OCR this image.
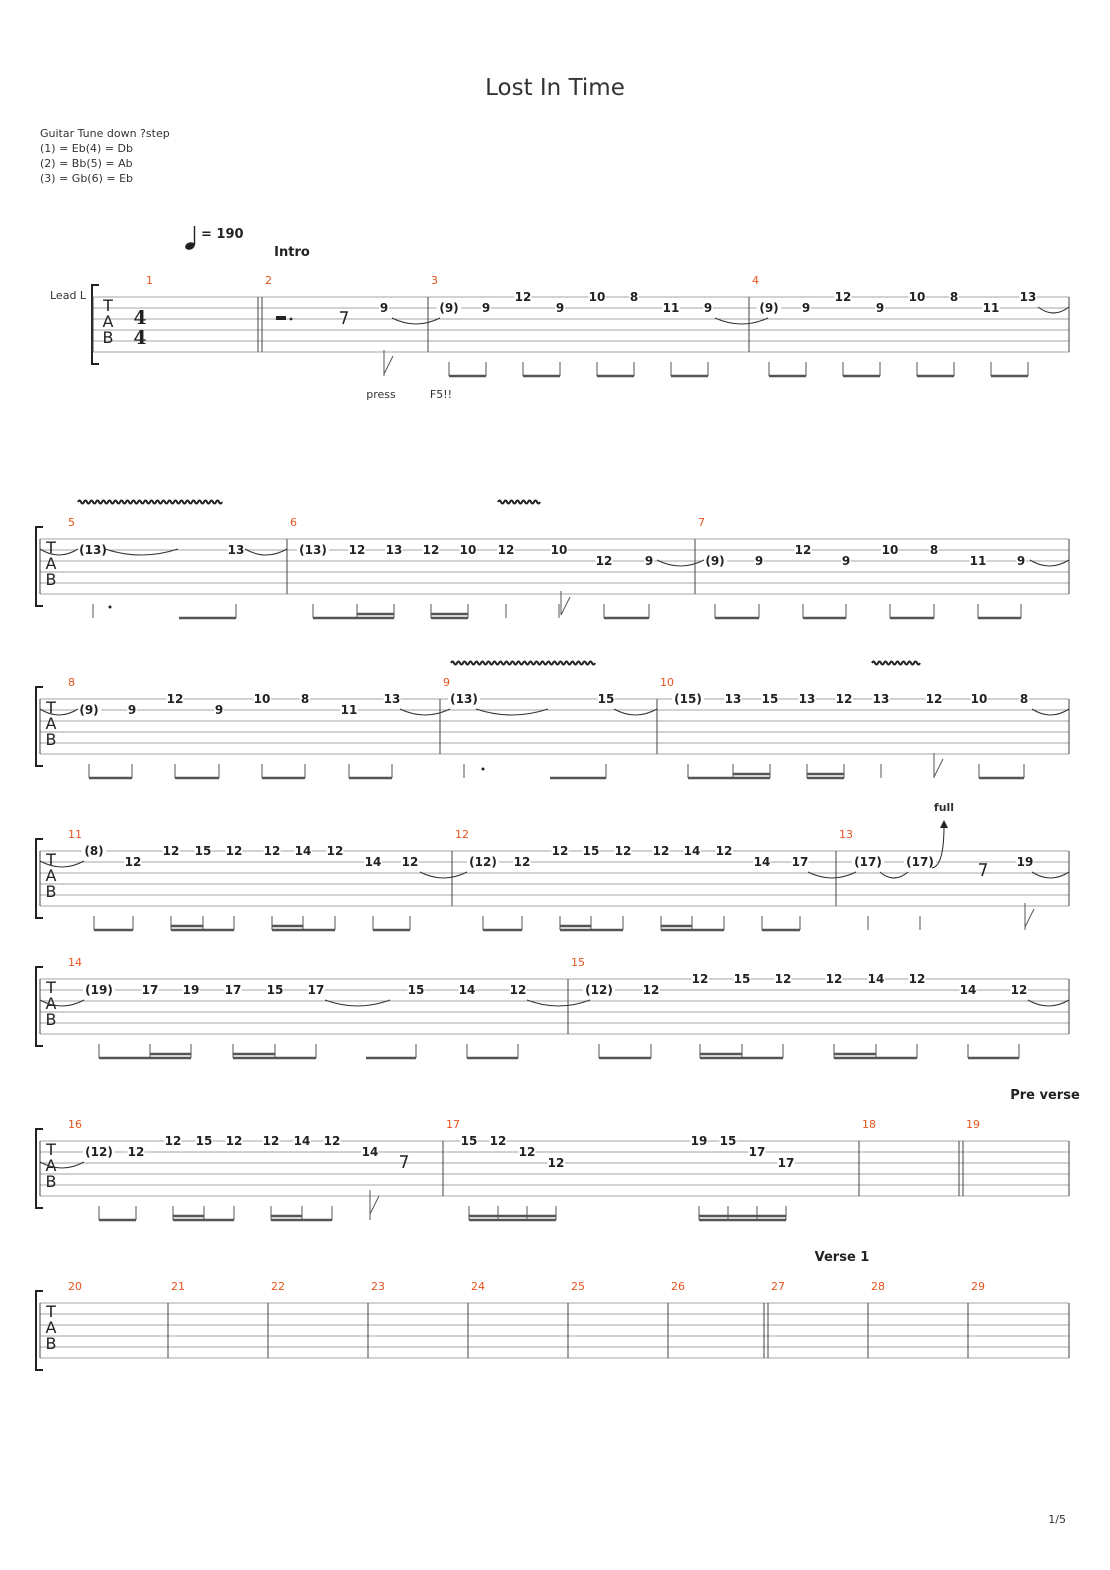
Lost In Time
Guitar Tune down ?step
(1) = Eb(4) = Db
(2) = Bb(5) = Ab
(3) = Gb(6) = Eb
= 190
Lead L
T
A
B
4
4
1	2
Intro
9
3
(9) 9
12
9
10 8
11 9
4
(9) 9
12
9
10 8
11
13
T
A
B
5
(13)	13
6
(13) 12 13 12 10 12	10
12	9
7
(9)	9
12
9
10	8
11	9
T
A
B
8
(9) 9
12
9
10	8
11
13
9
(13)	15
10
(15) 13 15 13 12 13	12 10	8
T
A
B
11
(8)
12
12 15 12 12 14 12
14 12
12
(12) 12
12 15 12 12 14 12
14 17
13
(17) (17)	19
T
A
B
14
(19) 17 19 17 15 17	15	14	12
15
(12) 12
12 15 12	12 14 12
14	12
T
A
B
16
(12) 12
12 15 12 12 14 12
14
17
15 12
12
12
19 15
17
17
18	19
Pre verse
T
A
B
20	21	22	23	24	25	26	27
Verse 1
28	29
press	F5!!
full
1/5
